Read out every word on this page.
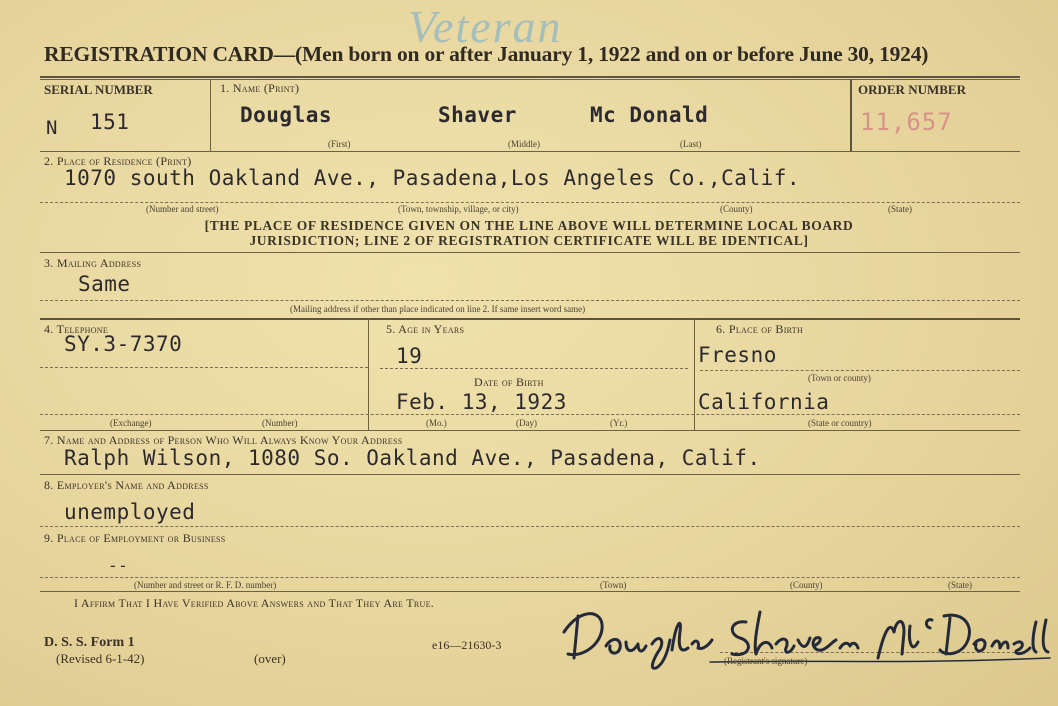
Veteran
REGISTRATION CARD—(Men born on or after January 1, 1922 and on or before June 30, 1924)
SERIAL NUMBER
N 151
1. Name (Print)
Douglas	Shaver	Mc Donald
(First)	(Middle)	(Last)
ORDER NUMBER
11,657
2. Place of Residence (Print)
1070 south Oakland Ave., Pasadena,Los Angeles Co.,Calif.
(Number and street)	(Town, township, village, or city)	(County)	(State)
[THE PLACE OF RESIDENCE GIVEN ON THE LINE ABOVE WILL DETERMINE LOCAL BOARD
JURISDICTION; LINE 2 OF REGISTRATION CERTIFICATE WILL BE IDENTICAL]
3. Mailing Address
Same
(Mailing address if other than place indicated on line 2. If same insert word same)
4. Telephone
SY.3-7370
(Exchange)	(Number)
5. Age in Years
19
Date of Birth
Feb. 13, 1923
(Mo.)	(Day)	(Yr.)
6. Place of Birth
Fresno
(Town or county)
California
(State or country)
7. Name and Address of Person Who Will Always Know Your Address
Ralph Wilson, 1080 So. Oakland Ave., Pasadena, Calif.
8. Employer's Name and Address
unemployed
9. Place of Employment or Business
--
(Number and street or R. F. D. number)	(Town)	(County)	(State)
I Affirm That I Have Verified Above Answers and That They Are True.
(Registrant's signature)
D. S. S. Form 1
(Revised 6-1-42)	(over)
e16—21630-3
